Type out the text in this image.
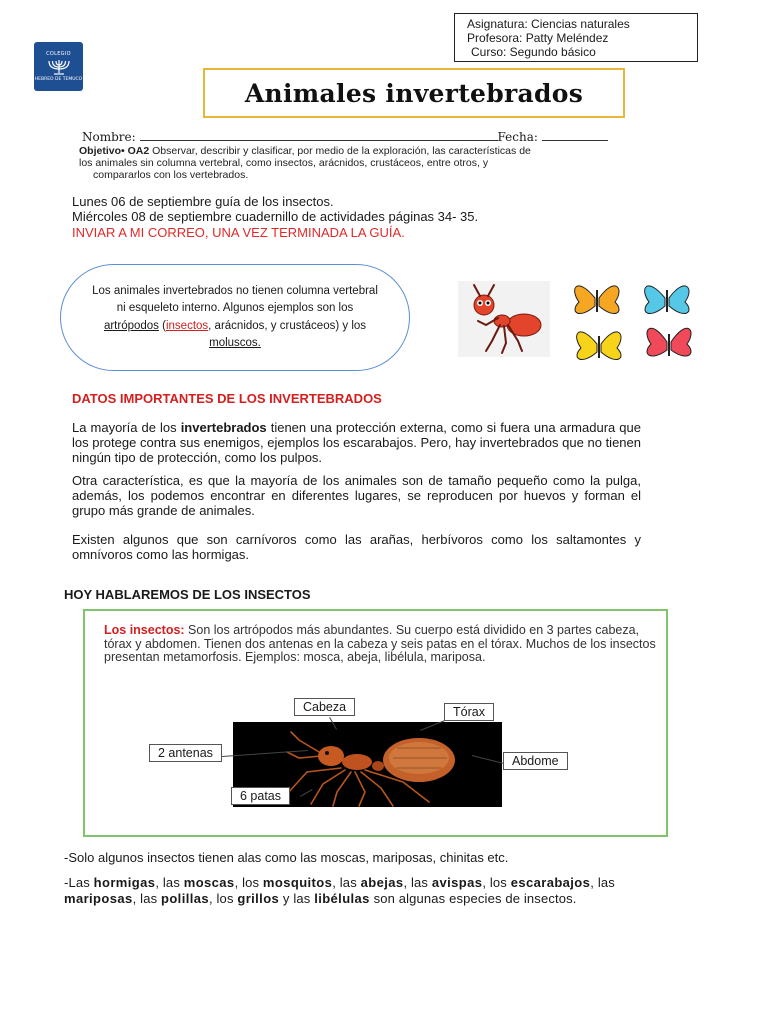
Asignatura: Ciencias naturales
Profesora: Patty Meléndez
Curso: Segundo básico
COLEGIO
HEBREO DE TEMUCO	Animales invertebrados
Nombre:	Fecha:
Objetivo• OA2 Observar, describir y clasificar, por medio de la exploración, las características de
los animales sin columna vertebral, como insectos, arácnidos, crustáceos, entre otros, y
compararlos con los vertebrados.
Lunes 06 de septiembre guía de los insectos.
Miércoles 08 de septiembre cuadernillo de actividades páginas 34- 35.
INVIAR A MI CORREO, UNA VEZ TERMINADA LA GUÍA.
Los animales invertebrados no tienen columna vertebral ni esqueleto interno. Algunos ejemplos son los artrópodos (insectos, arácnidos, y crustáceos) y los moluscos.
DATOS IMPORTANTES DE LOS INVERTEBRADOS
La mayoría de los invertebrados tienen una protección externa, como si fuera una armadura que los protege contra sus enemigos, ejemplos los escarabajos. Pero, hay invertebrados que no tienen ningún tipo de protección, como los pulpos.
Otra característica, es que la mayoría de los animales son de tamaño pequeño como la pulga, además, los podemos encontrar en diferentes lugares, se reproducen por huevos y forman el grupo más grande de animales.
Existen algunos que son carnívoros como las arañas, herbívoros como los saltamontes y omnívoros como las hormigas.
HOY HABLAREMOS DE LOS INSECTOS
Los insectos: Son los artrópodos más abundantes. Su cuerpo está dividido en 3 partes cabeza, tórax y abdomen. Tienen dos antenas en la cabeza y seis patas en el tórax. Muchos de los insectos presentan metamorfosis. Ejemplos: mosca, abeja, libélula, mariposa.
Cabeza	Tórax
2 antenas
Abdome
6 patas
-Solo algunos insectos tienen alas como las moscas, mariposas, chinitas etc.
-Las hormigas, las moscas, los mosquitos, las abejas, las avispas, los escarabajos, las mariposas, las polillas, los grillos y las libélulas son algunas especies de insectos.
